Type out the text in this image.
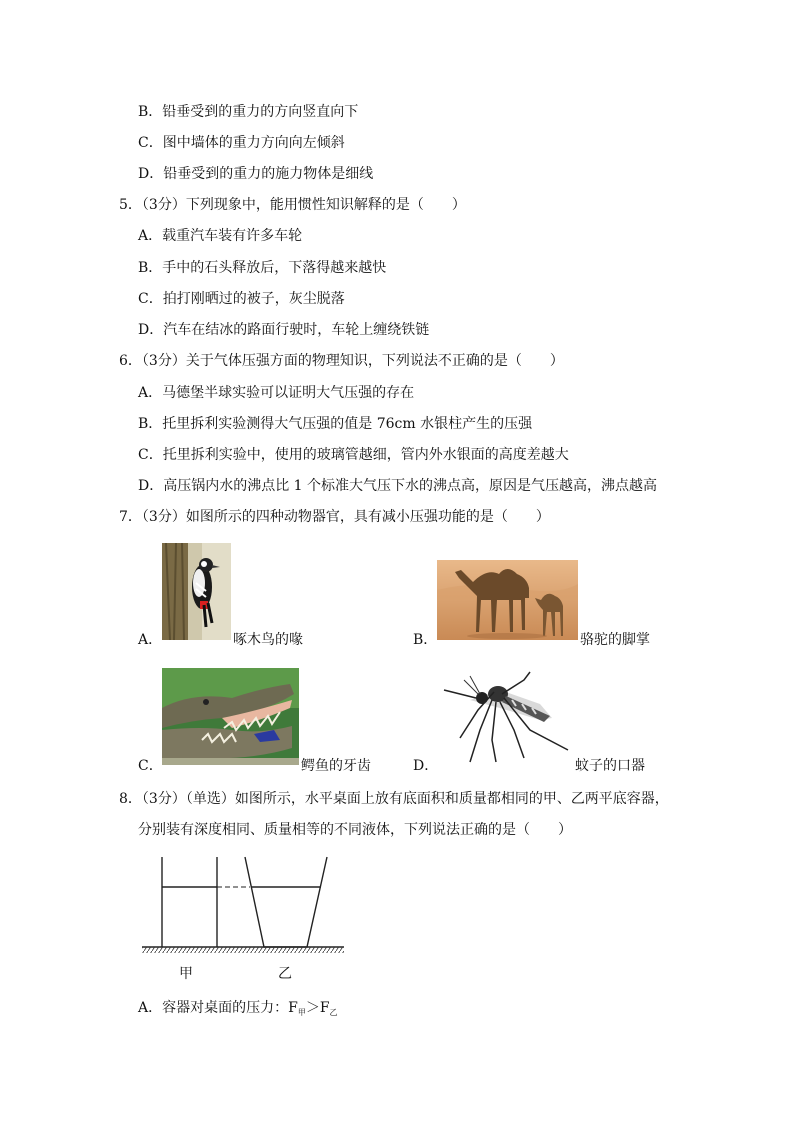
B．铅垂受到的重力的方向竖直向下
C．图中墙体的重力方向向左倾斜
D．铅垂受到的重力的施力物体是细线
5．（3分）下列现象中，能用惯性知识解释的是（　　）
A．载重汽车装有许多车轮
B．手中的石头释放后，下落得越来越快
C．拍打刚晒过的被子，灰尘脱落
D．汽车在结冰的路面行驶时，车轮上缠绕铁链
6．（3分）关于气体压强方面的物理知识，下列说法不正确的是（　　）
A．马德堡半球实验可以证明大气压强的存在
B．托里拆利实验测得大气压强的值是 76cm 水银柱产生的压强
C．托里拆利实验中，使用的玻璃管越细，管内外水银面的高度差越大
D．高压锅内水的沸点比 1 个标准大气压下水的沸点高，原因是气压越高，沸点越高
7．（3分）如图所示的四种动物器官，具有减小压强功能的是（　　）
A．	啄木鸟的喙	B．	骆驼的脚掌
C．	鳄鱼的牙齿	D．	蚊子的口器
8．（3分）（单选）如图所示，水平桌面上放有底面积和质量都相同的甲、乙两平底容器，
分别装有深度相同、质量相等的不同液体，下列说法正确的是（　　）
甲	乙
A．容器对桌面的压力：$F_甲>F_乙$
